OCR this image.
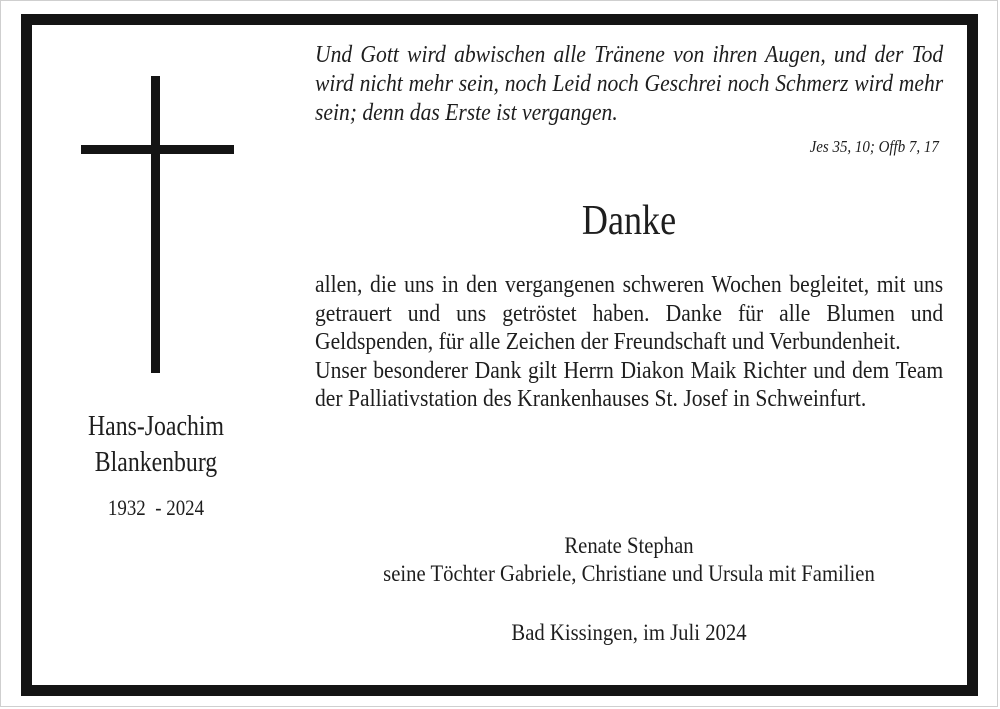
Hans-Joachim
Blankenburg
1932  - 2024
Und Gott wird abwischen alle Tränene von ihren Augen, und der Tod wird nicht mehr sein, noch Leid noch Geschrei noch Schmerz wird mehr sein; denn das Erste ist vergangen.
Jes 35, 10; Offb 7, 17
Danke

allen, die uns in den vergangenen schweren Wochen begleitet, mit uns getrauert und uns getröstet haben. Danke für alle Blumen und Geldspenden, für alle Zeichen der Freundschaft und Verbundenheit.

Unser besonderer Dank gilt Herrn Diakon Maik Richter und dem Team der Palliativstation des Krankenhauses St. Josef in Schweinfurt.

Renate Stephan
seine Töchter Gabriele, Christiane und Ursula mit Familien
Bad Kissingen, im Juli 2024
